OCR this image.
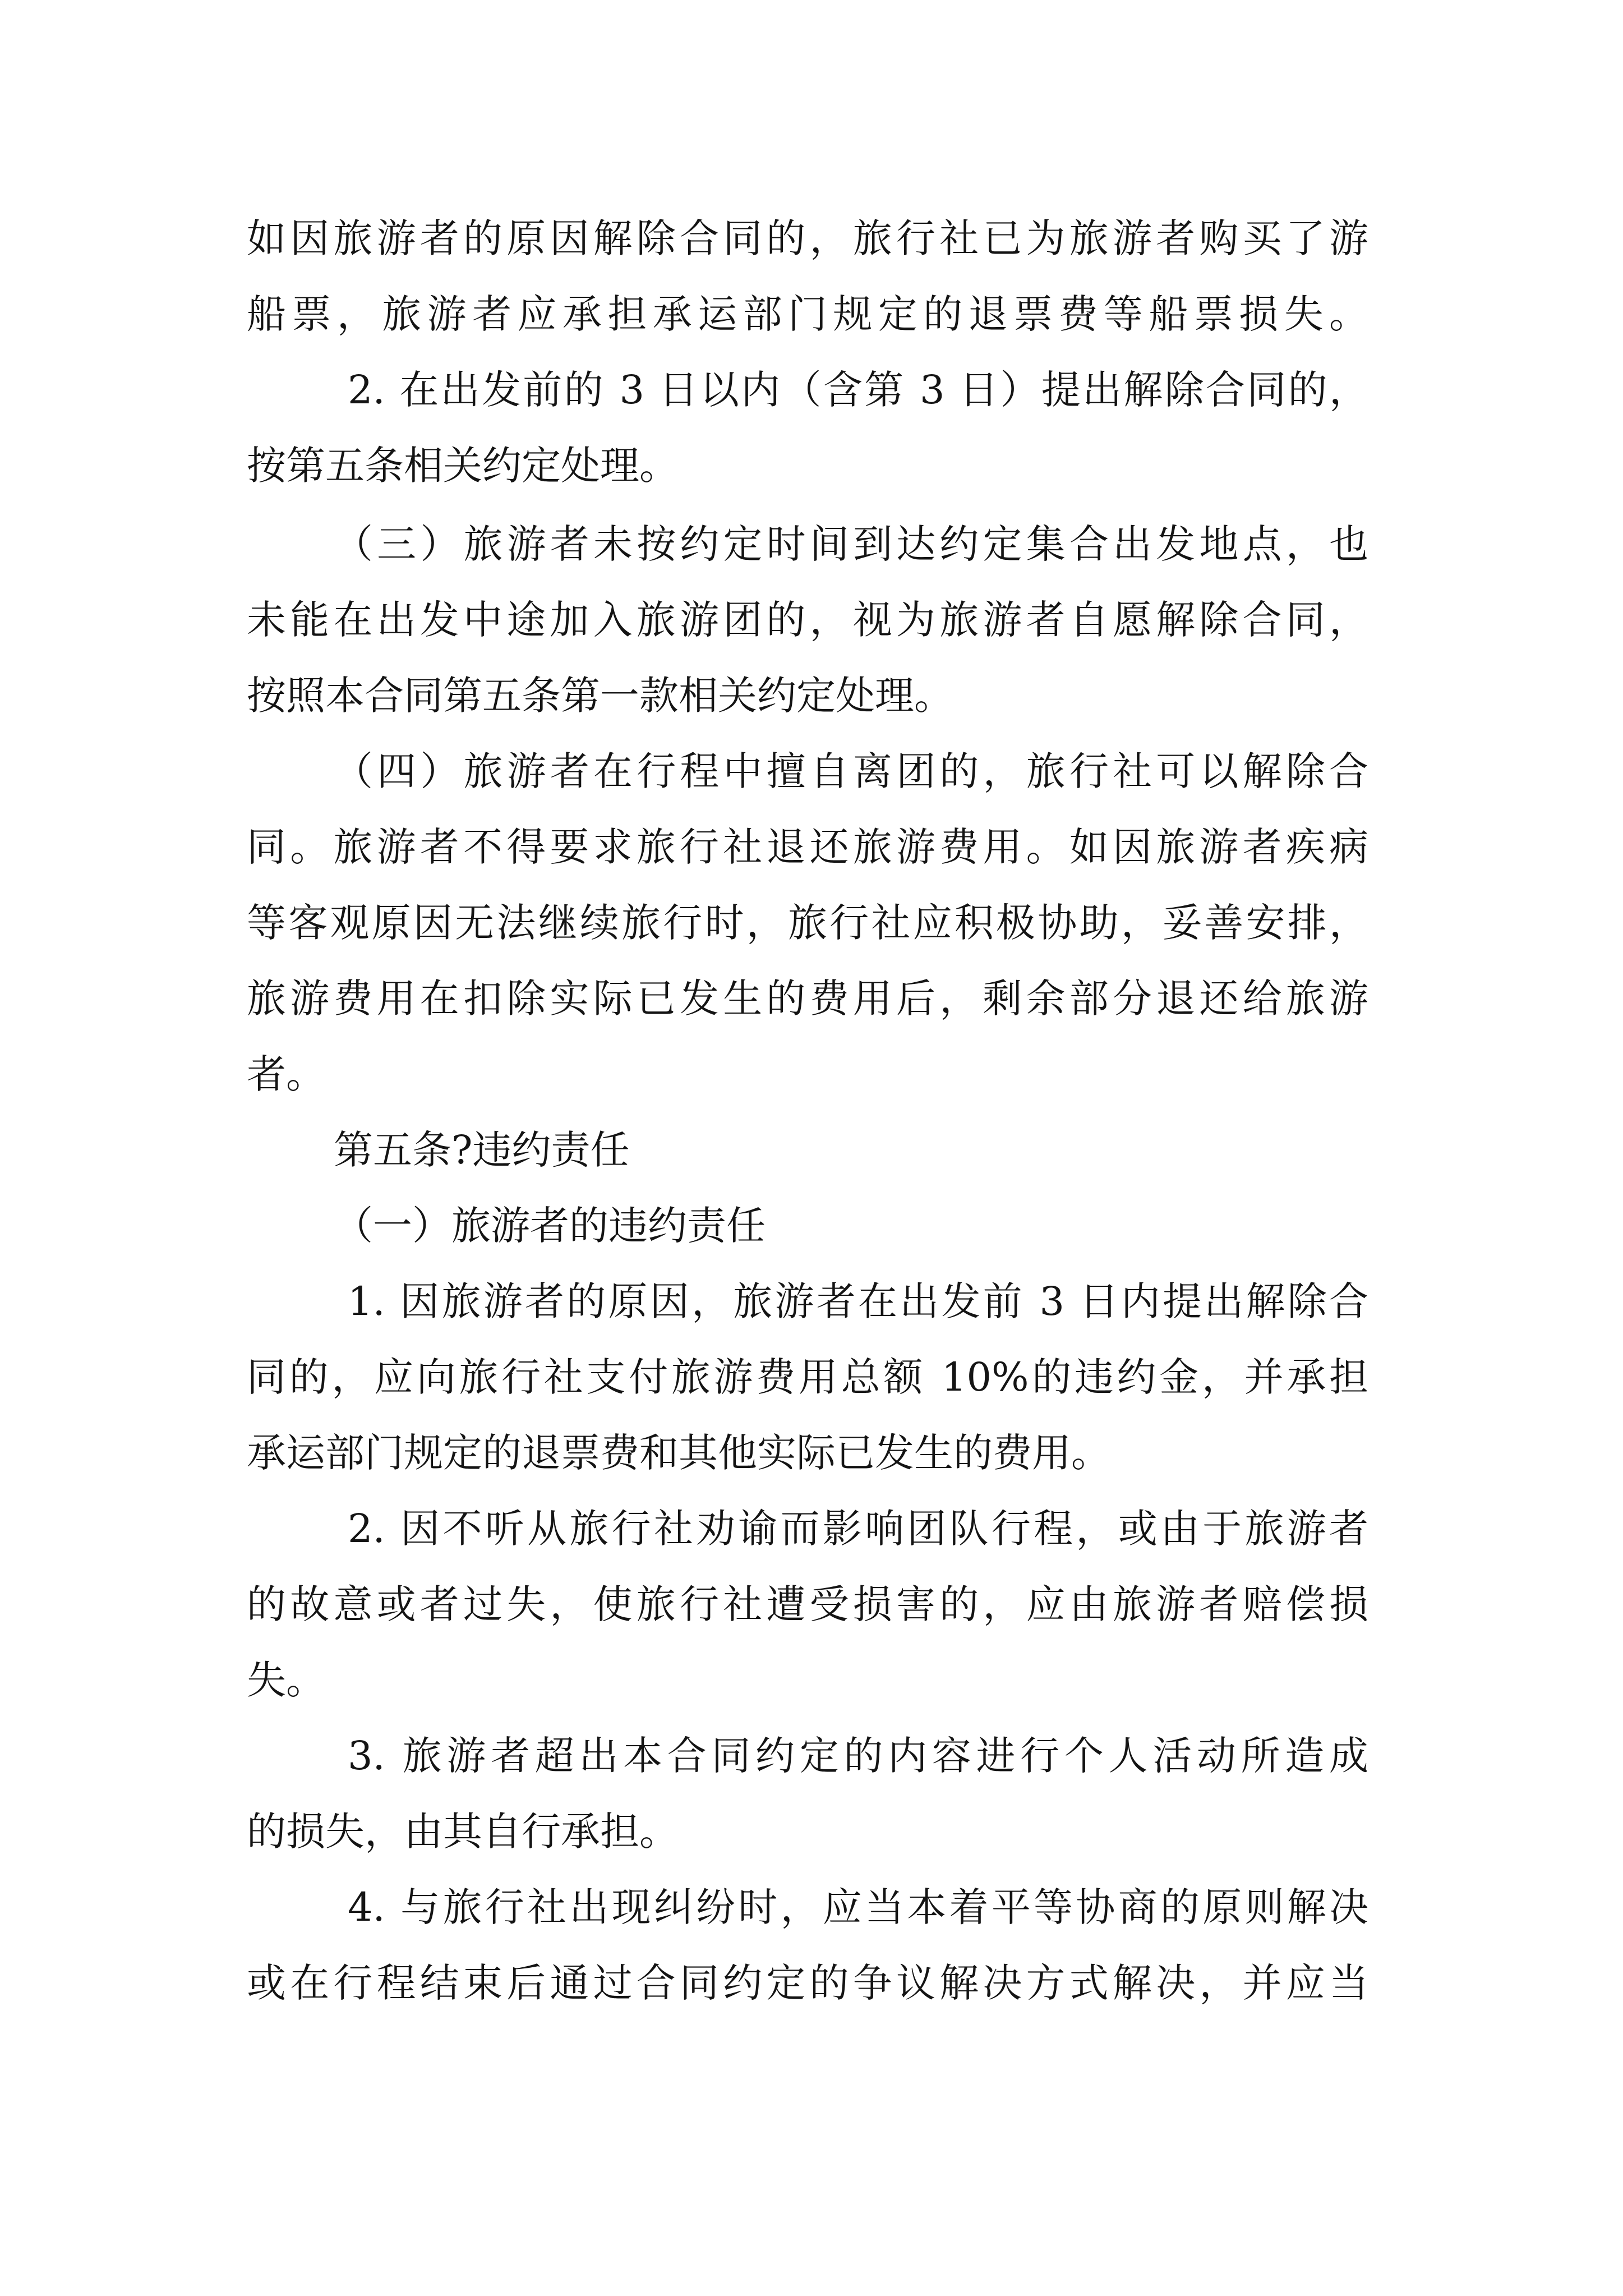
如因旅游者的原因解除合同的，旅行社已为旅游者购买了游

船票，旅游者应承担承运部门规定的退票费等船票损失。

2. 在出发前的 3 日以内（含第 3 日）提出解除合同的，

按第五条相关约定处理。

（三）旅游者未按约定时间到达约定集合出发地点，也

未能在出发中途加入旅游团的，视为旅游者自愿解除合同，

按照本合同第五条第一款相关约定处理。

（四）旅游者在行程中擅自离团的，旅行社可以解除合

同。旅游者不得要求旅行社退还旅游费用。如因旅游者疾病

等客观原因无法继续旅行时，旅行社应积极协助，妥善安排，

旅游费用在扣除实际已发生的费用后，剩余部分退还给旅游

者。

第五条?违约责任

（一）旅游者的违约责任

1. 因旅游者的原因，旅游者在出发前 3 日内提出解除合

同的，应向旅行社支付旅游费用总额 10%的违约金，并承担

承运部门规定的退票费和其他实际已发生的费用。

2. 因不听从旅行社劝谕而影响团队行程，或由于旅游者

的故意或者过失，使旅行社遭受损害的，应由旅游者赔偿损

失。

3. 旅游者超出本合同约定的内容进行个人活动所造成

的损失，由其自行承担。

4. 与旅行社出现纠纷时，应当本着平等协商的原则解决

或在行程结束后通过合同约定的争议解决方式解决，并应当
